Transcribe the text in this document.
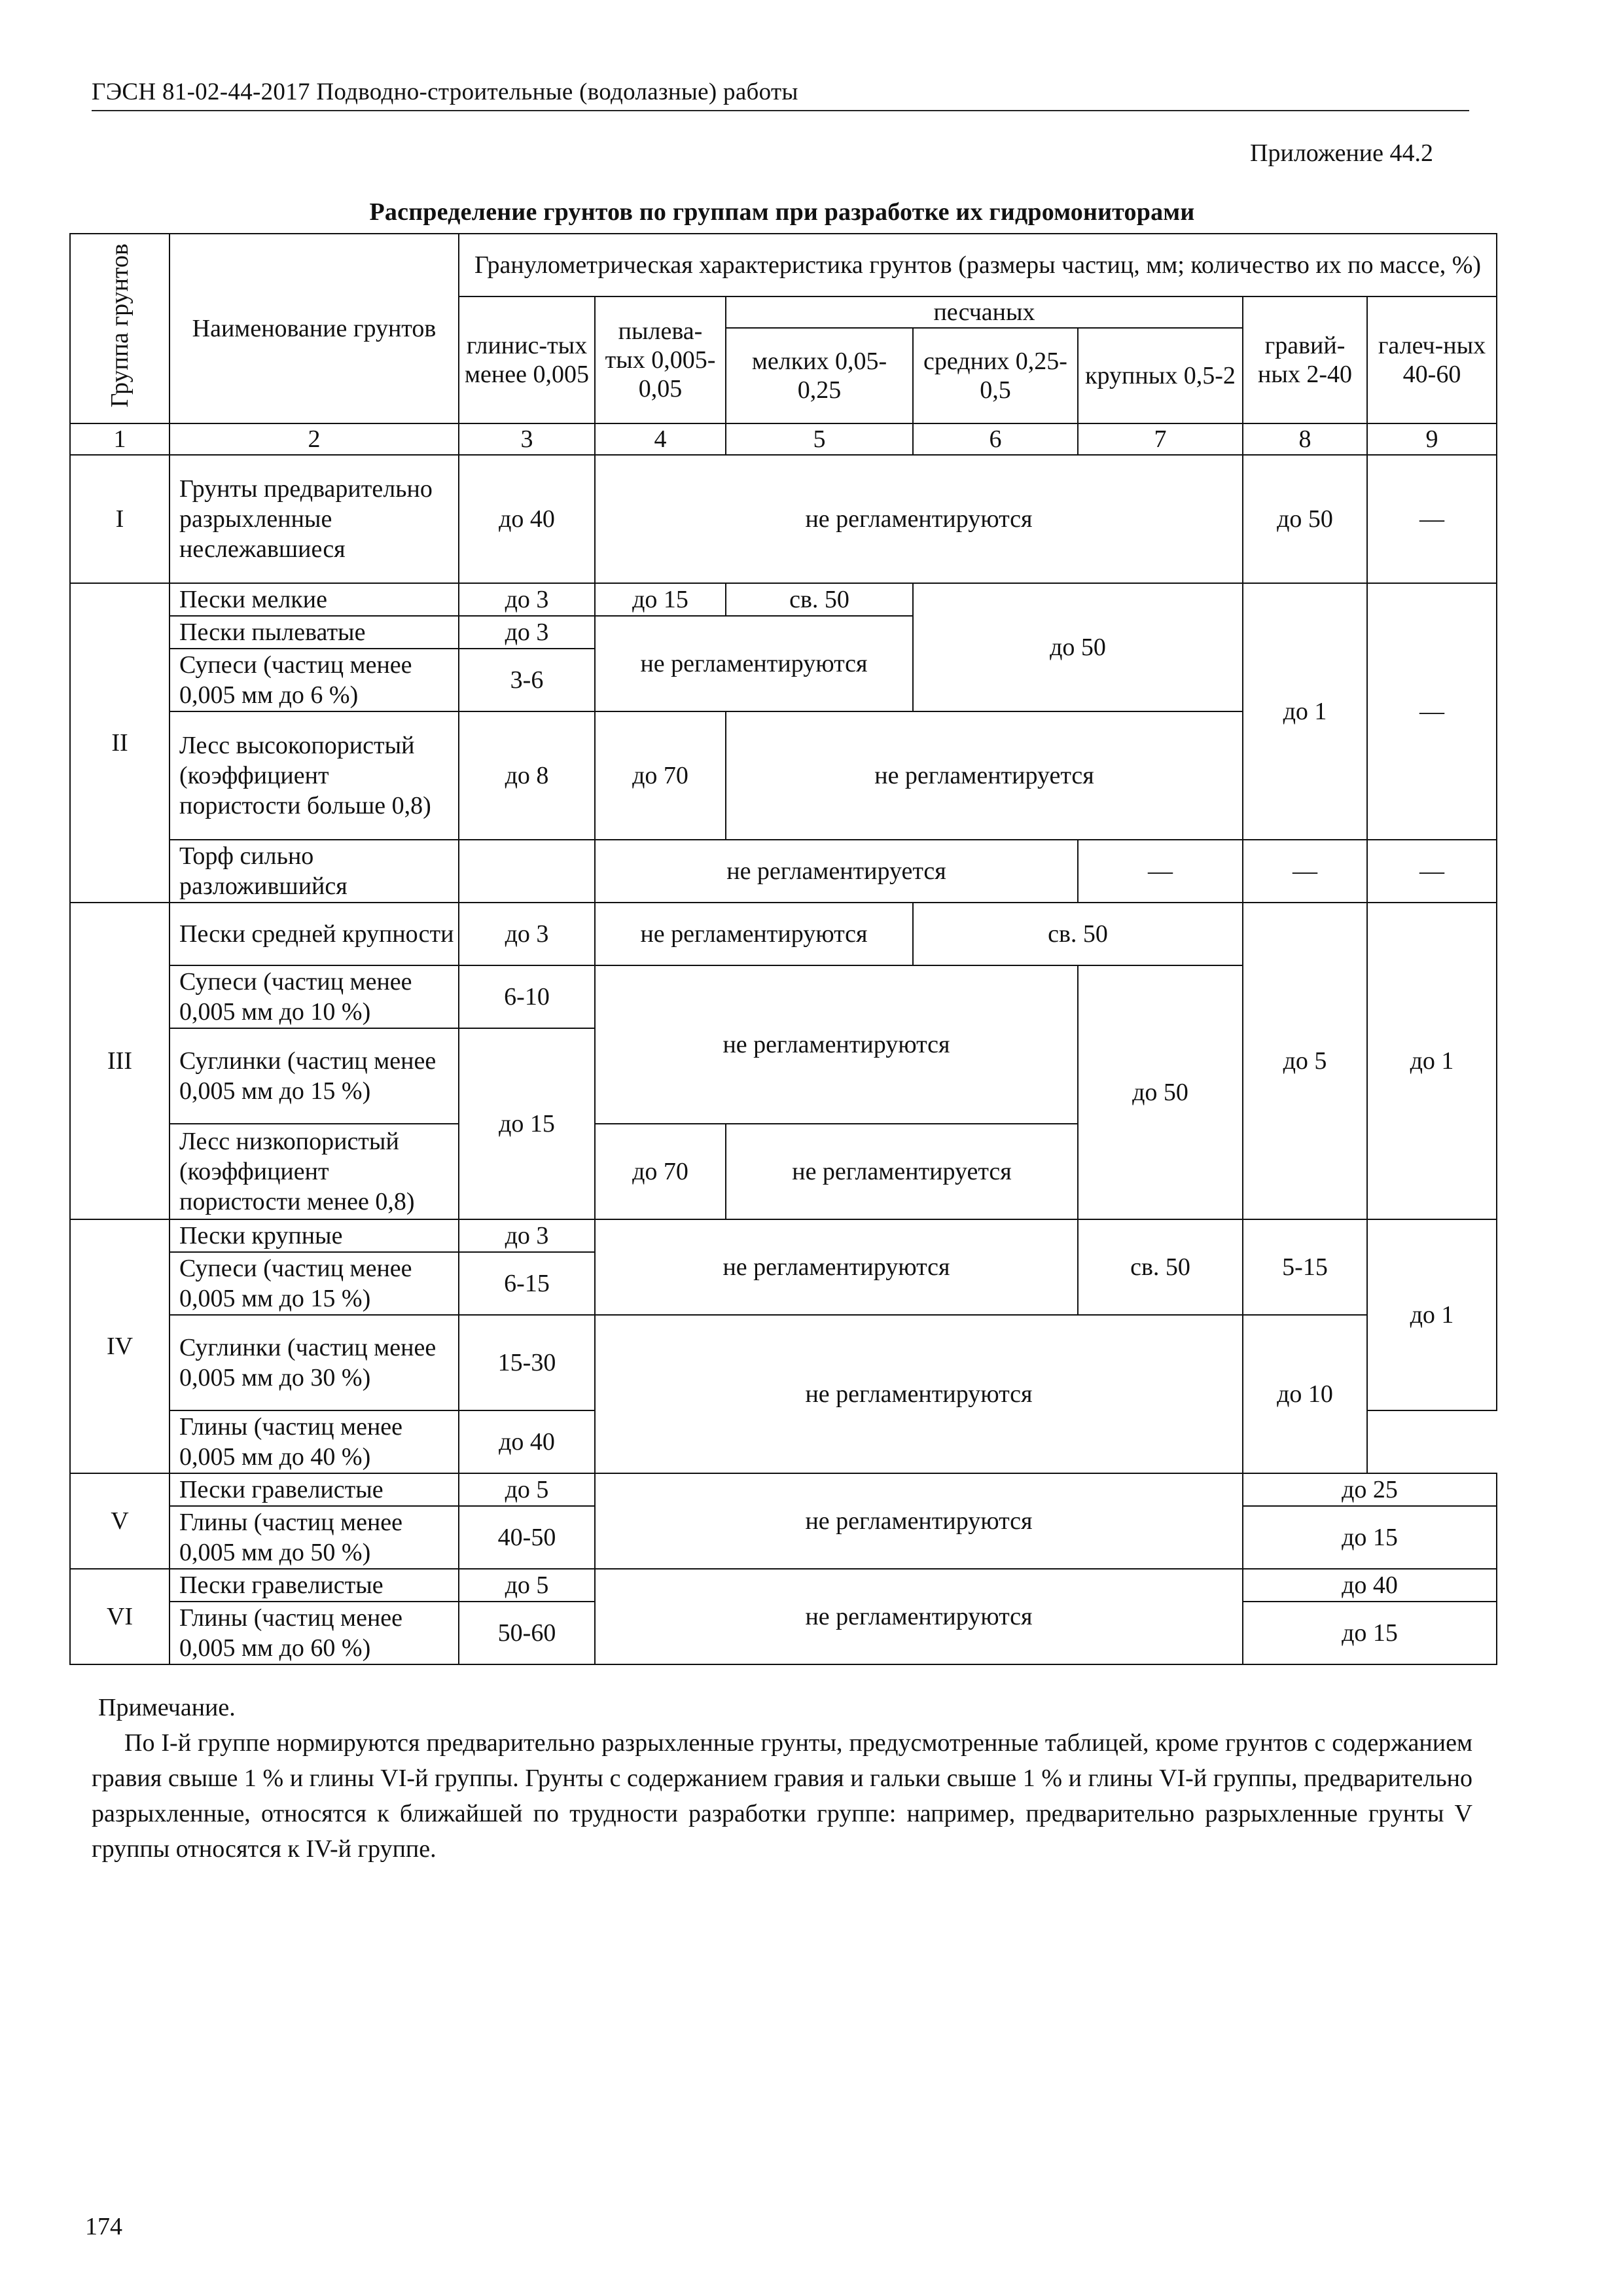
ГЭСН 81-02-44-2017 Подводно-строительные (водолазные) работы
Приложение 44.2
Распределение грунтов по группам при разработке их гидромониторами
Группа грунтов	Наименование грунтов	Гранулометрическая характеристика грунтов (размеры частиц, мм; количество их по массе, %)							
		глинис-тых менее 0,005	пылева-тых 0,005-0,05	песчаных			гравий-ных 2-40	галеч-ных 40-60	
				мелких 0,05-0,25	средних 0,25-0,5	крупных 0,5-2			
1	2	3	4	5	6	7	8	9	
I	Грунты предварительно разрыхленные неслежавшиеся	до 40	не регламентируются				до 50	—	
II	Пески мелкие	до 3	до 15	св. 50	до 50		до 1	—	
	Пески пылеватые	до 3	не регламентируются						
	Супеси (частиц менее 0,005 мм до 6 %)	3-6							
	Лесс высокопористый (коэффициент пористости больше 0,8)	до 8	до 70	не регламентируется					
	Торф сильно разложившийся		не регламентируется			—	—	—	
III	Пески средней крупности	до 3	не регламентируются		св. 50		до 5	до 1	
	Супеси (частиц менее 0,005 мм до 10 %)	6-10	не регламентируются			до 50			
	Суглинки (частиц менее 0,005 мм до 15 %)	до 15							
	Лесс низкопористый (коэффициент пористости менее 0,8)		до 70	не регламентируется					
IV	Пески крупные	до 3	не регламентируются			св. 50	5-15	до 1	
	Супеси (частиц менее 0,005 мм до 15 %)	6-15							
	Суглинки (частиц менее 0,005 мм до 30 %)	15-30	не регламентируются				до 10		
	Глины (частиц менее 0,005 мм до 40 %)	до 40							
V	Пески гравелистые	до 5	не регламентируются				до 25		
	Глины (частиц менее 0,005 мм до 50 %)	40-50					до 15		
VI	Пески гравелистые	до 5	не регламентируются				до 40		
	Глины (частиц менее 0,005 мм до 60 %)	50-60					до 15		

Примечание.

По I-й группе нормируются предварительно разрыхленные грунты, предусмотренные таблицей, кроме грунтов с содержанием гравия свыше 1 % и глины VI-й группы. Грунты с содержанием гравия и гальки свыше 1 % и глины VI-й группы, предварительно разрыхленные, относятся к ближайшей по трудности разработки группе: например, предварительно разрыхленные грунты V группы относятся к IV-й группе.

174
